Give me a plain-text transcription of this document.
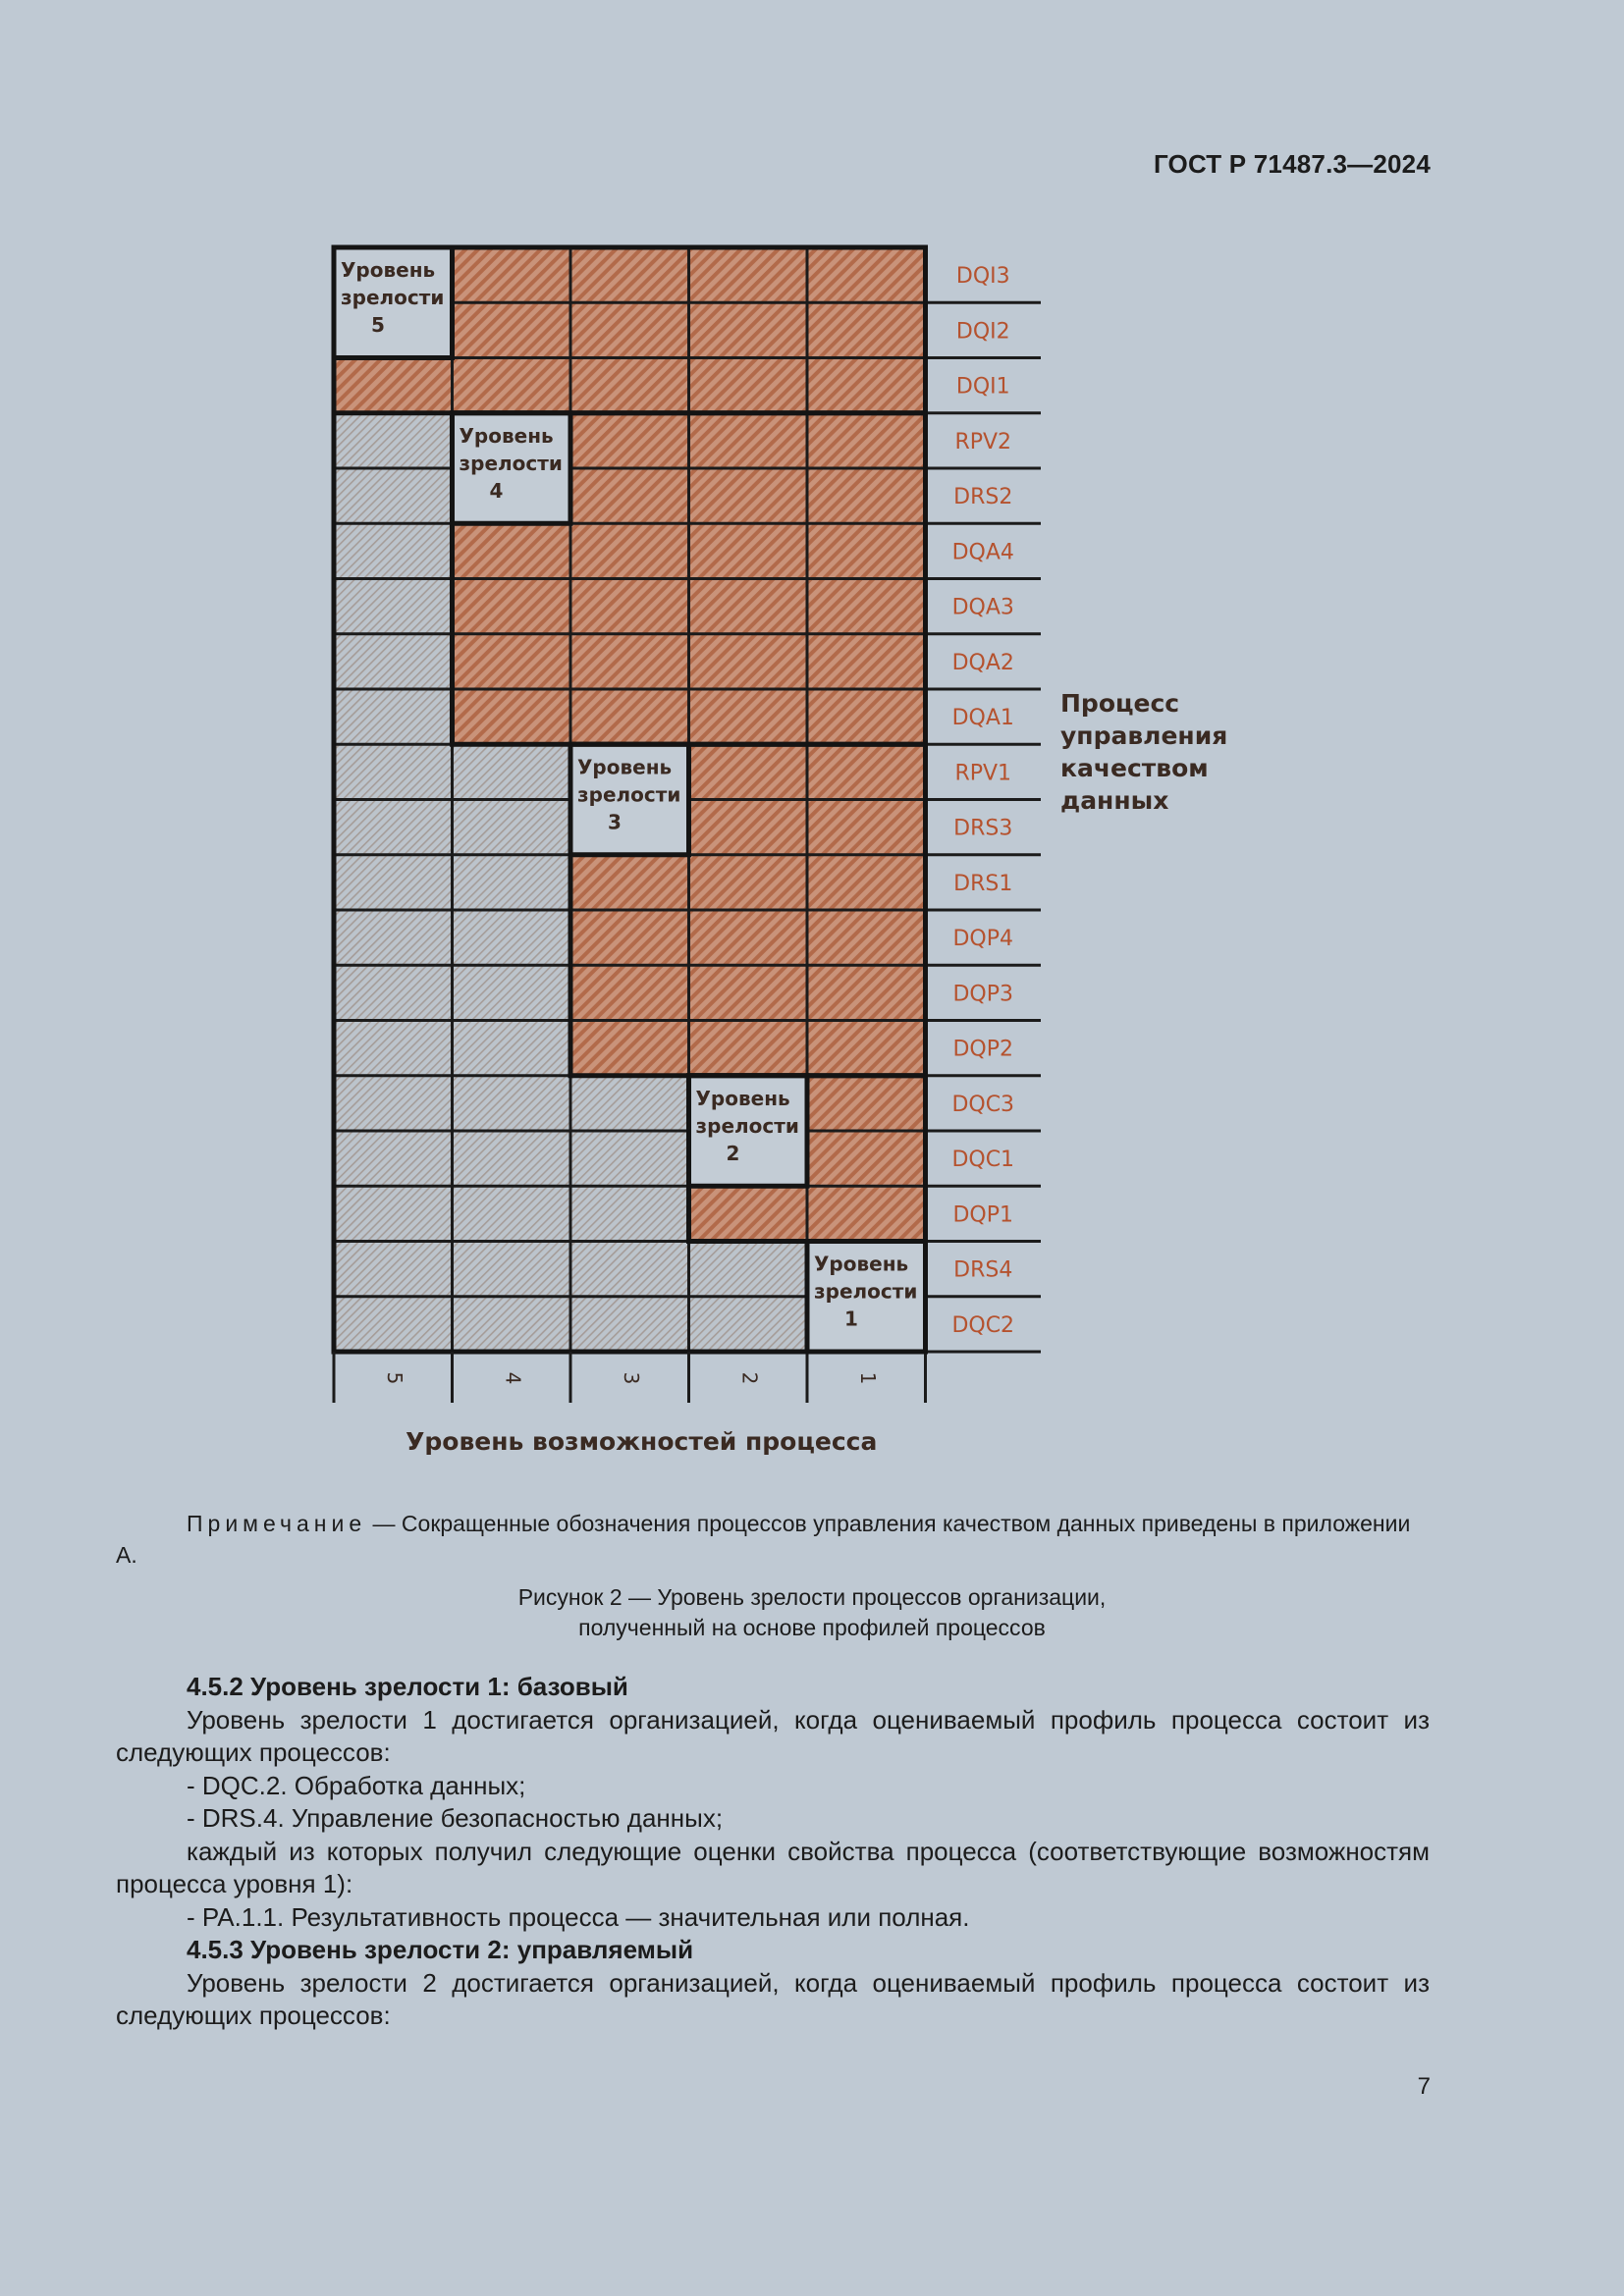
ГОСТ Р 71487.3—2024
DQI3
DQI2
DQI1
RPV2
DRS2
DQA4
DQA3
DQA2
DQA1
RPV1
DRS3
DRS1
DQP4
DQP3
DQP2
DQC3
DQC1
DQP1
DRS4
DQC2
5	4	3	2	1
Уровень возможностей процесса
Процесс
управления
качеством
данных
Уровень
зрелости
5
Уровень
зрелости
4
Уровень
зрелости
3
Уровень
зрелости
2
Уровень
зрелости
1
Примечание — Сокращенные обозначения процессов управления качеством данных приведены в приложении А.
Рисунок 2 — Уровень зрелости процессов организации,
полученный на основе профилей процессов
4.5.2 Уровень зрелости 1: базовый

Уровень зрелости 1 достигается организацией, когда оцениваемый профиль процесса состоит из следующих процессов:

- DQC.2. Обработка данных;

- DRS.4. Управление безопасностью данных;

каждый из которых получил следующие оценки свойства процесса (соответствующие возможностям процесса уровня 1):

- PA.1.1. Результативность процесса — значительная или полная.

4.5.3 Уровень зрелости 2: управляемый

Уровень зрелости 2 достигается организацией, когда оцениваемый профиль процесса состоит из следующих процессов:

7
